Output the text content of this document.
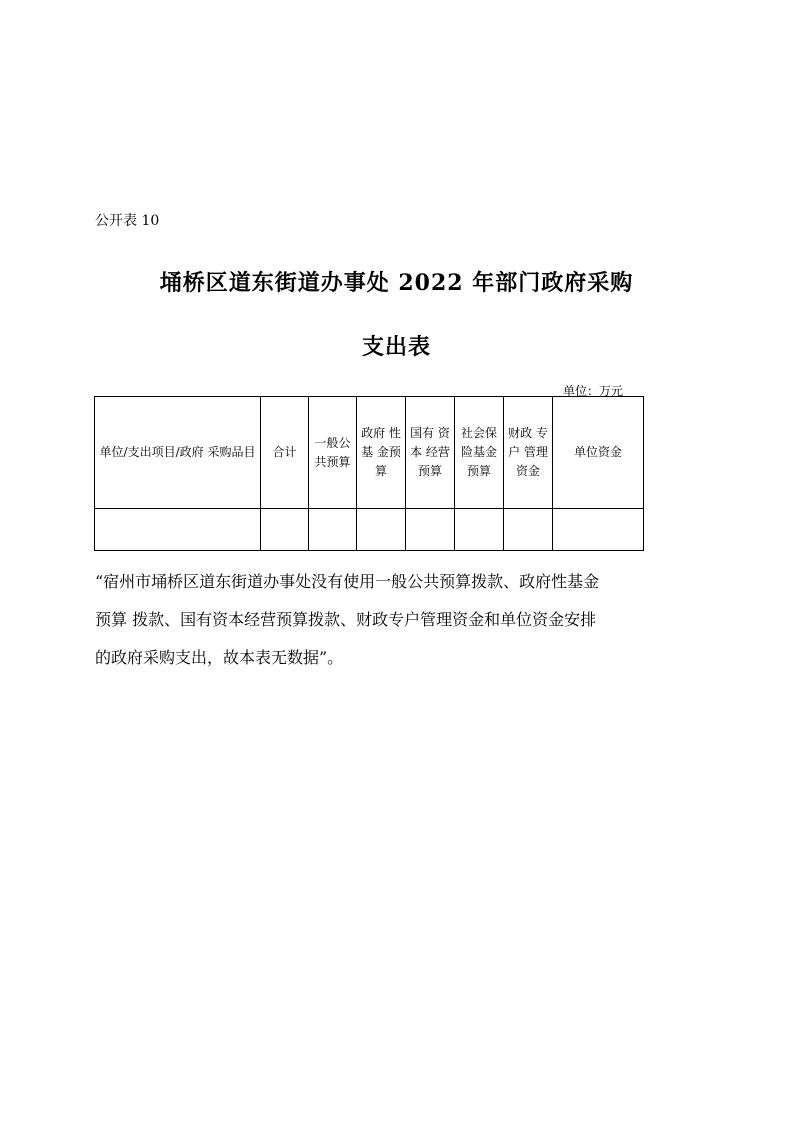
公开表 10
埇桥区道东街道办事处 2022 年部门政府采购
支出表
单位：万元
单位/支出项目/政府 采购品目	合计	一般公共预算	政府 性基 金预算	国有 资本 经营预算	社会保险基金预算	财政 专户 管理资金	单位资金

“宿州市埇桥区道东街道办事处没有使用一般公共预算拨款、政府性基金

预算 拨款、国有资本经营预算拨款、财政专户管理资金和单位资金安排

的政府采购支出，故本表无数据”。
